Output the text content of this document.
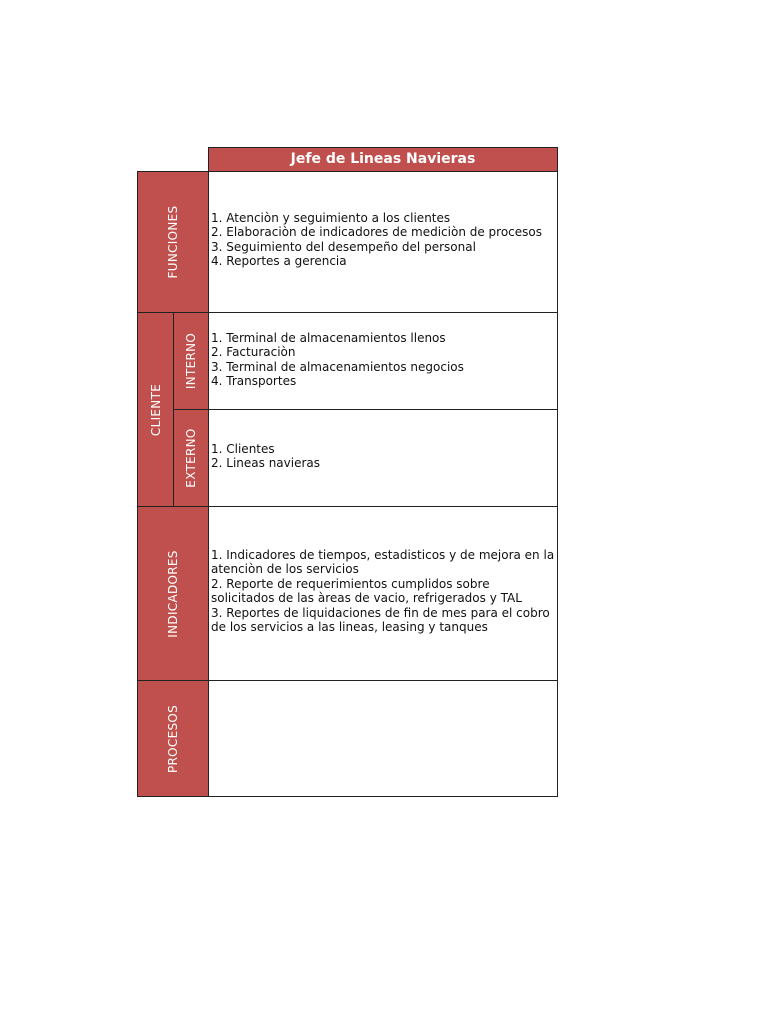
Jefe de Lineas Navieras
FUNCIONES	1. Atenciòn y seguimiento a los clientes
2. Elaboraciòn de indicadores de mediciòn de procesos
3. Seguimiento del desempeño del personal
4. Reportes a gerencia
CLIENTE
INTERNO 1. Terminal de almacenamientos llenos
2. Facturaciòn
3. Terminal de almacenamientos negocios
4. Transportes
EXTERNO 1. Clientes
2. Lineas navieras
INDICADORES	1. Indicadores de tiempos, estadisticos y de mejora en la atenciòn de los servicios
2. Reporte de requerimientos cumplidos sobre solicitados de las àreas de vacio, refrigerados y TAL
3. Reportes de liquidaciones de fin de mes para el cobro de los servicios a las lineas, leasing y tanques
PROCESOS
